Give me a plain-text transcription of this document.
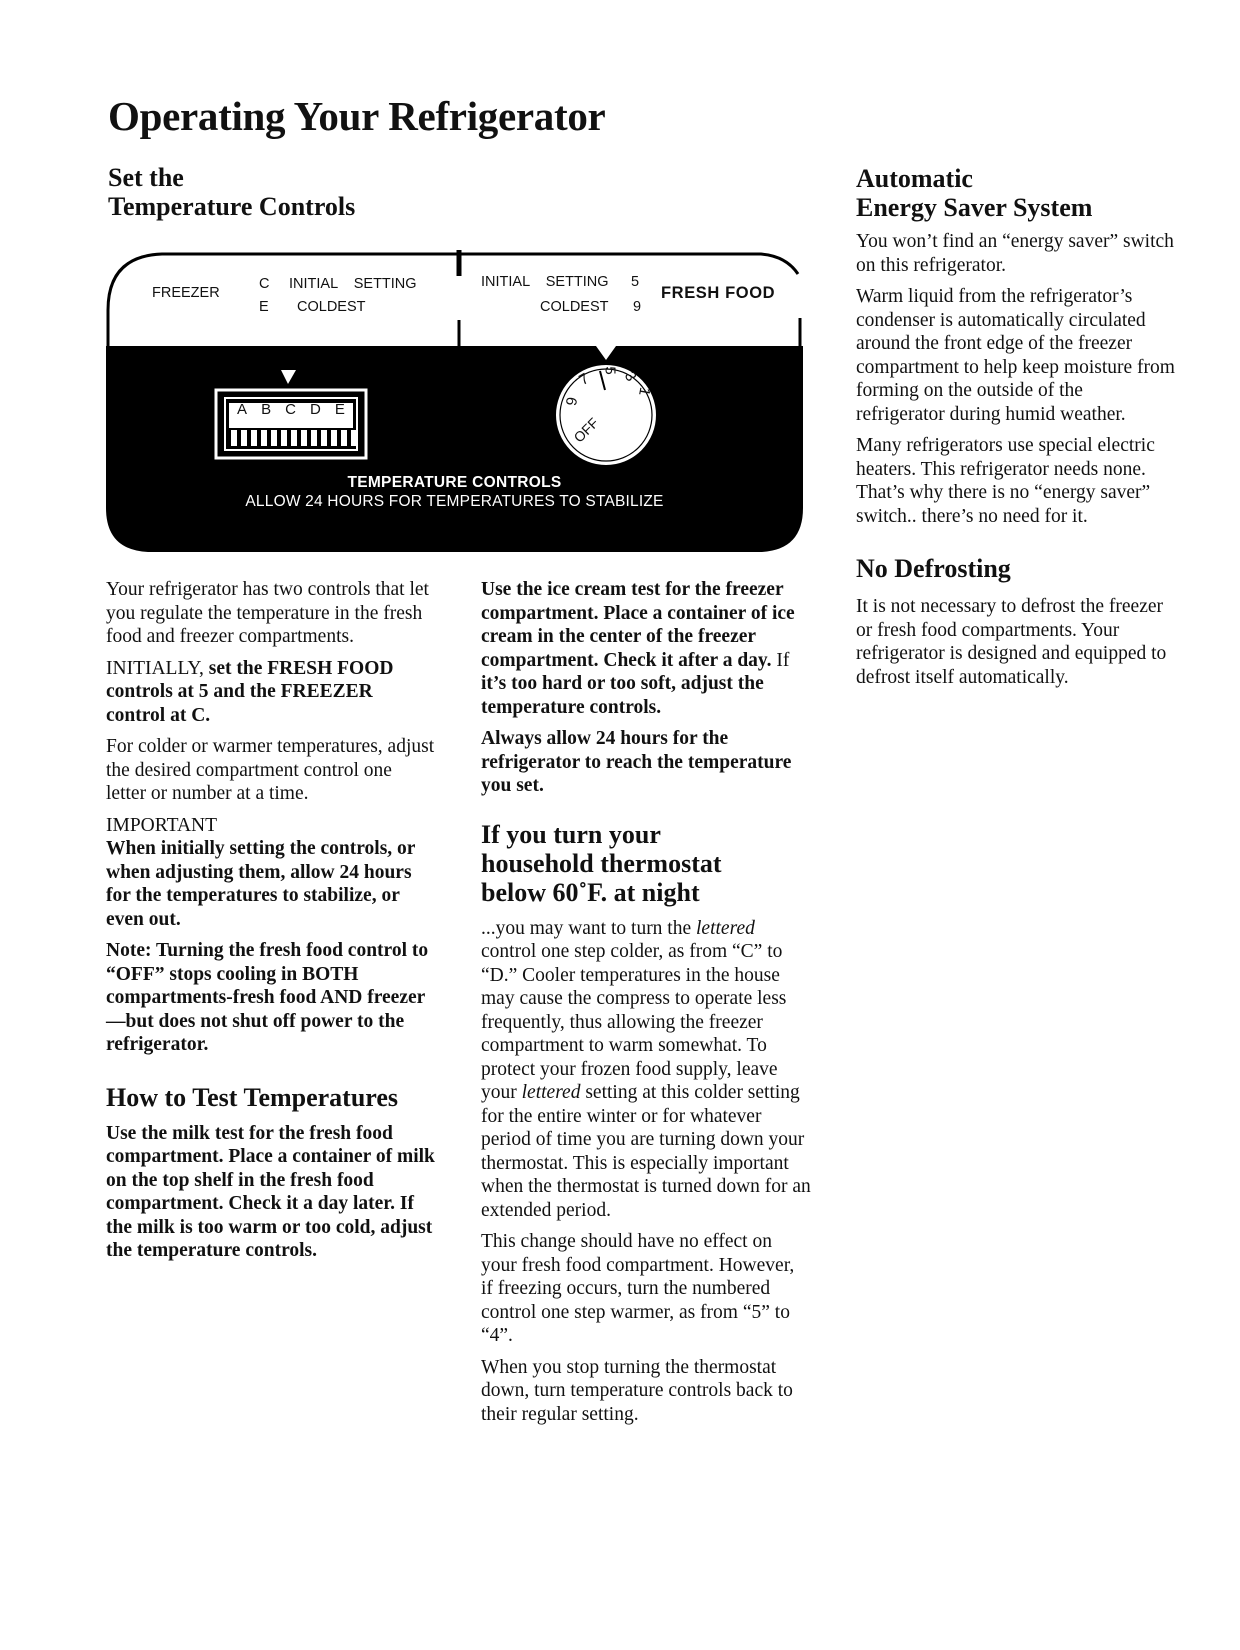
Operating Your Refrigerator
Set the
Temperature Controls
FREEZER
C INITIAL    SETTING
E COLDEST
INITIAL    SETTING 5
COLDEST 9
FRESH FOOD
A B C D E
1
3
5
7
9
OFF
TEMPERATURE CONTROLS
ALLOW 24 HOURS FOR TEMPERATURES TO STABILIZE

Your refrigerator has two controls that let you regulate the temperature in the fresh food and freezer compartments.

INITIALLY, set the FRESH FOOD controls at 5 and the FREEZER control at C.

For colder or warmer temperatures, adjust the desired compartment control one letter or number at a time.

IMPORTANT
When initially setting the controls, or when adjusting them, allow 24 hours for the temperatures to stabilize, or even out.

Note: Turning the fresh food control to “OFF” stops cooling in BOTH compartments-fresh food AND freezer—but does not shut off power to the refrigerator.

How to Test Temperatures

Use the milk test for the fresh food compartment. Place a container of milk on the top shelf in the fresh food compartment. Check it a day later. If the milk is too warm or too cold, adjust the temperature controls.

Use the ice cream test for the freezer compartment. Place a container of ice cream in the center of the freezer compartment. Check it after a day. If it’s too hard or too soft, adjust the temperature controls.

Always allow 24 hours for the refrigerator to reach the temperature you set.

If you turn your
household thermostat
below 60˚F. at night

...you may want to turn the lettered control one step colder, as from “C” to “D.” Cooler temperatures in the house may cause the compress to operate less frequently, thus allowing the freezer compartment to warm somewhat. To protect your frozen food supply, leave your lettered setting at this colder setting for the entire winter or for whatever period of time you are turning down your thermostat. This is especially important when the thermostat is turned down for an extended period.

This change should have no effect on your fresh food compartment. However, if freezing occurs, turn the numbered control one step warmer, as from “5” to “4”.

When you stop turning the thermostat down, turn temperature controls back to their regular setting.

Automatic
Energy Saver System

You won’t find an “energy saver” switch on this refrigerator.

Warm liquid from the refrigerator’s condenser is automatically circulated around the front edge of the freezer compartment to help keep moisture from forming on the outside of the refrigerator during humid weather.

Many refrigerators use special electric heaters. This refrigerator needs none. That’s why there is no “energy saver” switch.. there’s no need for it.

No Defrosting

It is not necessary to defrost the freezer or fresh food compartments. Your refrigerator is designed and equipped to defrost itself automatically.
